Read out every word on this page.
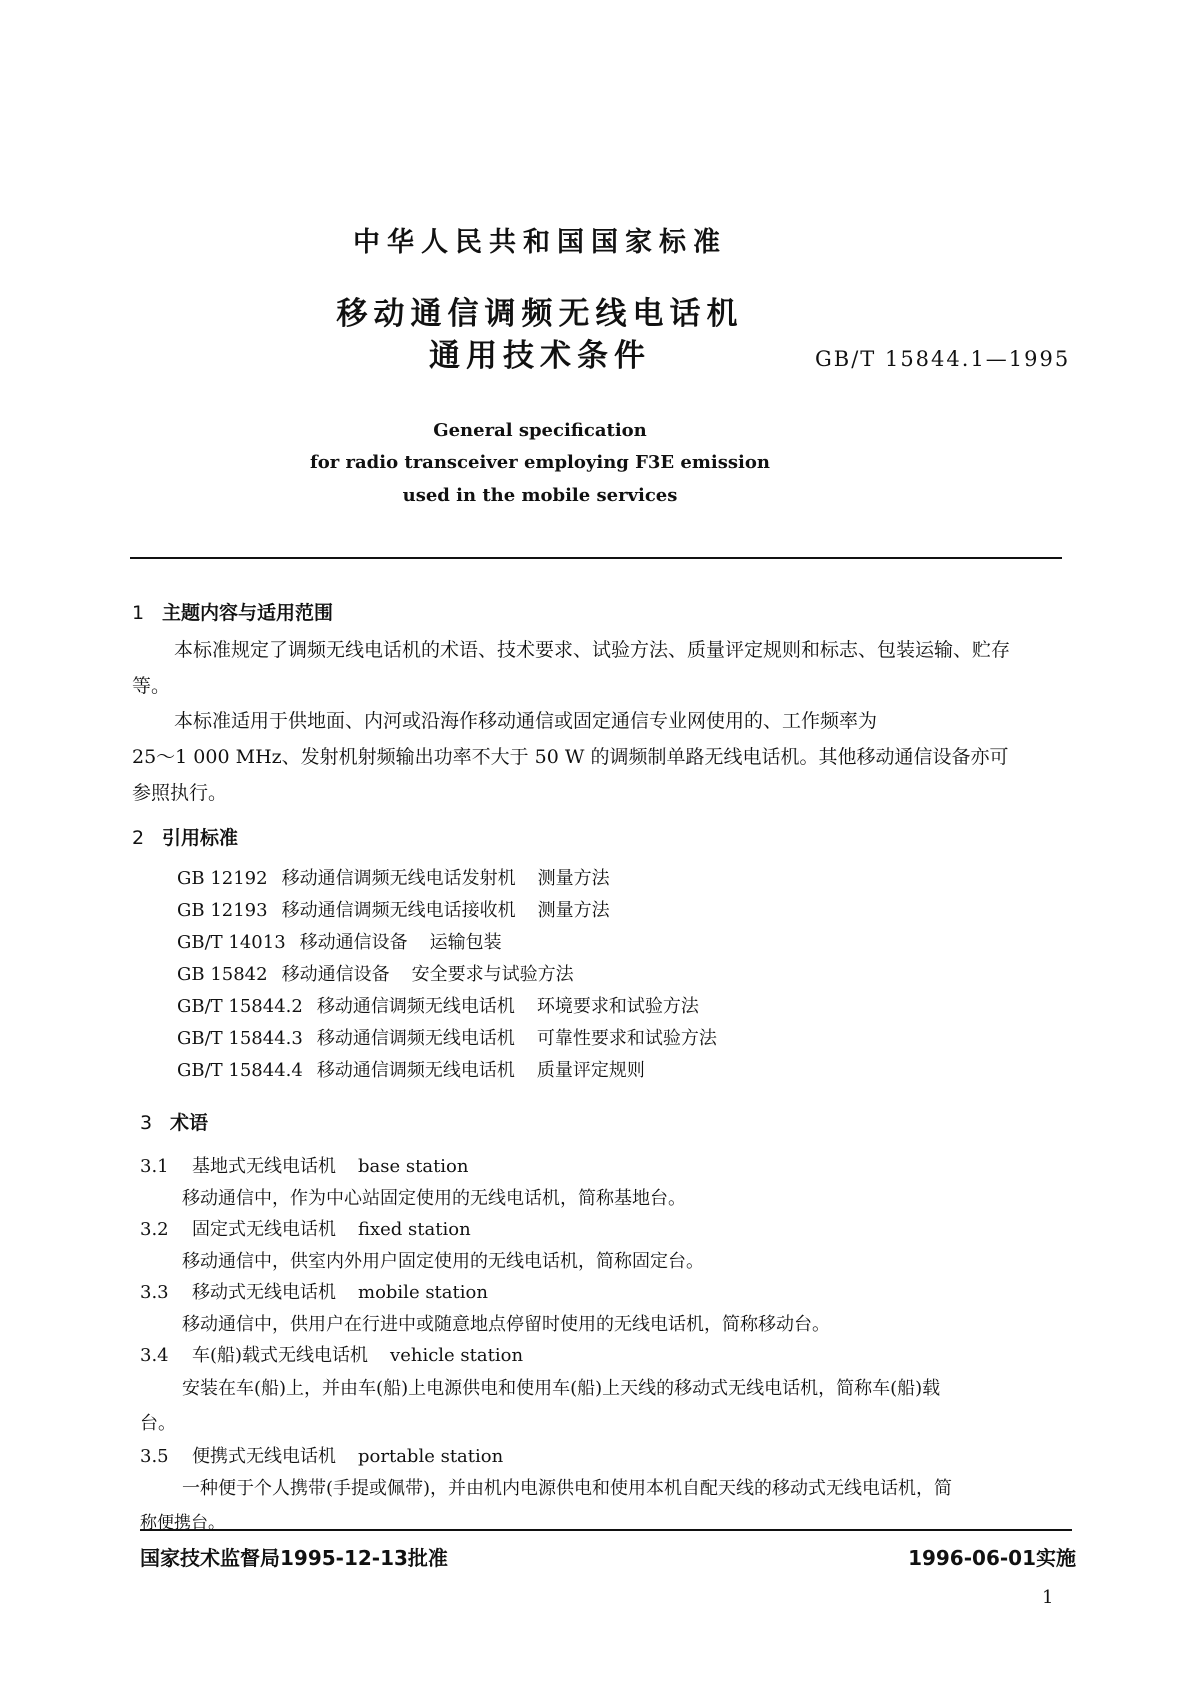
中华人民共和国国家标准
移动通信调频无线电话机
通用技术条件	GB/T 15844.1—1995
General specification
for radio transceiver employing F3E emission
used in the mobile services
1 主题内容与适用范围
本标准规定了调频无线电话机的术语、技术要求、试验方法、质量评定规则和标志、包装运输、贮存
等。
本标准适用于供地面、内河或沿海作移动通信或固定通信专业网使用的、工作频率为
25～1 000 MHz、发射机射频输出功率不大于 50 W 的调频制单路无线电话机。其他移动通信设备亦可
参照执行。
2 引用标准
GB 12192 移动通信调频无线电话发射机 测量方法
GB 12193 移动通信调频无线电话接收机 测量方法
GB/T 14013 移动通信设备 运输包装
GB 15842 移动通信设备 安全要求与试验方法
GB/T 15844.2 移动通信调频无线电话机 环境要求和试验方法
GB/T 15844.3 移动通信调频无线电话机 可靠性要求和试验方法
GB/T 15844.4 移动通信调频无线电话机 质量评定规则
3 术语
3.1 基地式无线电话机 base station
移动通信中，作为中心站固定使用的无线电话机，简称基地台。
3.2 固定式无线电话机 fixed station
移动通信中，供室内外用户固定使用的无线电话机，简称固定台。
3.3 移动式无线电话机 mobile station
移动通信中，供用户在行进中或随意地点停留时使用的无线电话机，简称移动台。
3.4 车(船)载式无线电话机 vehicle station
安装在车(船)上，并由车(船)上电源供电和使用车(船)上天线的移动式无线电话机，简称车(船)载
台。
3.5 便携式无线电话机 portable station
一种便于个人携带(手提或佩带)，并由机内电源供电和使用本机自配天线的移动式无线电话机，简
称便携台。
国家技术监督局1995-12-13批准	1996-06-01实施
1
